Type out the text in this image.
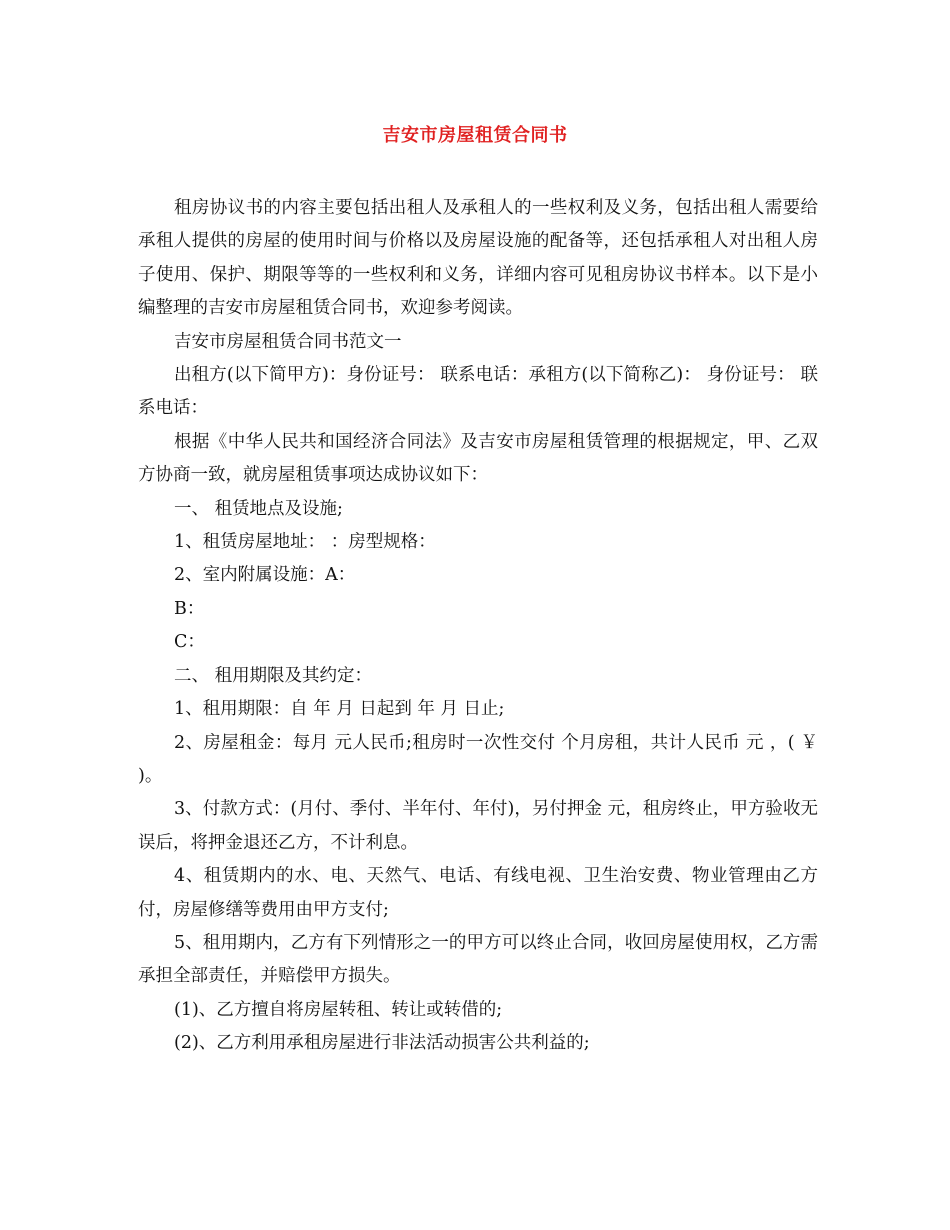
吉安市房屋租赁合同书

租房协议书的内容主要包括出租人及承租人的一些权利及义务，包括出租人需要给承租人提供的房屋的使用时间与价格以及房屋设施的配备等，还包括承租人对出租人房子使用、保护、期限等等的一些权利和义务，详细内容可见租房协议书样本。以下是小编整理的吉安市房屋租赁合同书，欢迎参考阅读。

吉安市房屋租赁合同书范文一

出租方(以下简甲方)：身份证号： 联系电话：承租方(以下简称乙)： 身份证号： 联系电话：

根据《中华人民共和国经济合同法》及吉安市房屋租赁管理的根据规定，甲、乙双方协商一致，就房屋租赁事项达成协议如下：

一、 租赁地点及设施;

1、租赁房屋地址： ：房型规格：

2、室内附属设施：A：

B：

C：

二、 租用期限及其约定：

1、租用期限：自 年 月 日起到 年 月 日止;

2、房屋租金：每月 元人民币;租房时一次性交付 个月房租，共计人民币 元 ，( ￥ )。

3、付款方式：(月付、季付、半年付、年付)，另付押金 元，租房终止，甲方验收无误后，将押金退还乙方，不计利息。

4、租赁期内的水、电、天然气、电话、有线电视、卫生治安费、物业管理由乙方付，房屋修缮等费用由甲方支付;

5、租用期内，乙方有下列情形之一的甲方可以终止合同，收回房屋使用权，乙方需承担全部责任，并赔偿甲方损失。

(1)、乙方擅自将房屋转租、转让或转借的;

(2)、乙方利用承租房屋进行非法活动损害公共利益的;
